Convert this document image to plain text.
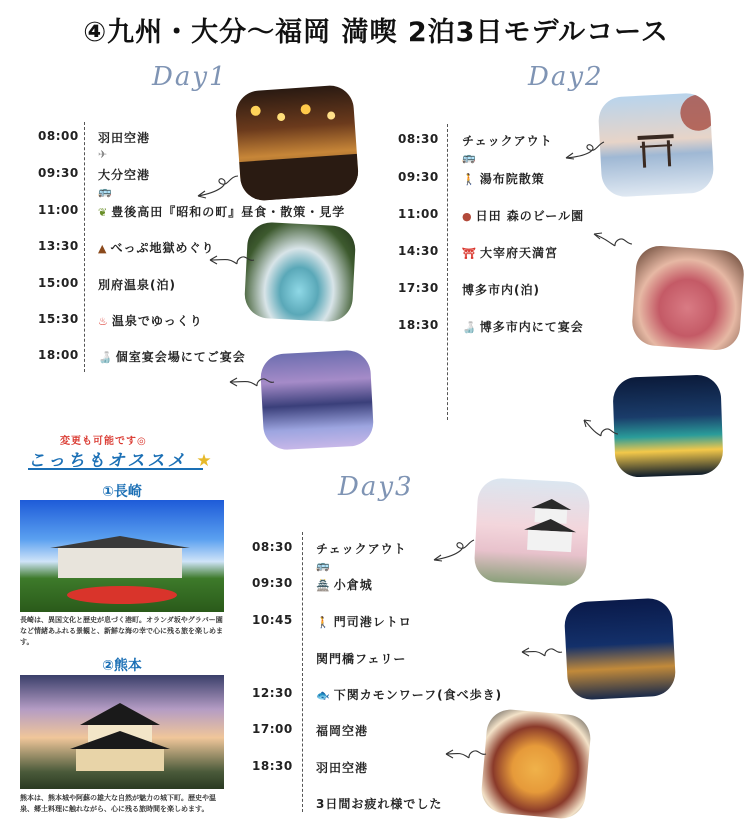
④九州・大分〜福岡 満喫 2泊3日モデルコース
Day1
08:00 羽田空港
✈︎
09:30 大分空港
🚌
11:00 ❦ 豊後高田『昭和の町』昼食・散策・見学
13:30 ▲ べっぷ地獄めぐり
15:00 別府温泉(泊)
15:30 ♨ 温泉でゆっくり
18:00 🍶 個室宴会場にてご宴会
Day2
08:30 チェックアウト
🚌
09:30 🚶 湯布院散策
11:00 ● 日田 森のビール園
14:30 ⛩ 大宰府天満宮
17:30 博多市内(泊)
18:30 🍶 博多市内にて宴会
変更も可能です◎
こっちもオススメ ★
①長崎
長崎は、異国文化と歴史が息づく港町。オランダ坂やグラバー園など情緒あふれる景観と、新鮮な海の幸で心に残る旅を楽しめます。
②熊本
熊本は、熊本城や阿蘇の雄大な自然が魅力の城下町。歴史や温泉、郷土料理に触れながら、心に残る旅時間を楽しめます。
Day3
08:30 チェックアウト
🚌
09:30 🏯 小倉城
10:45 🚶 門司港レトロ
関門橋フェリー
12:30 🐟 下関カモンワーフ(食べ歩き)
17:00 福岡空港
18:30 羽田空港
3日間お疲れ様でした
